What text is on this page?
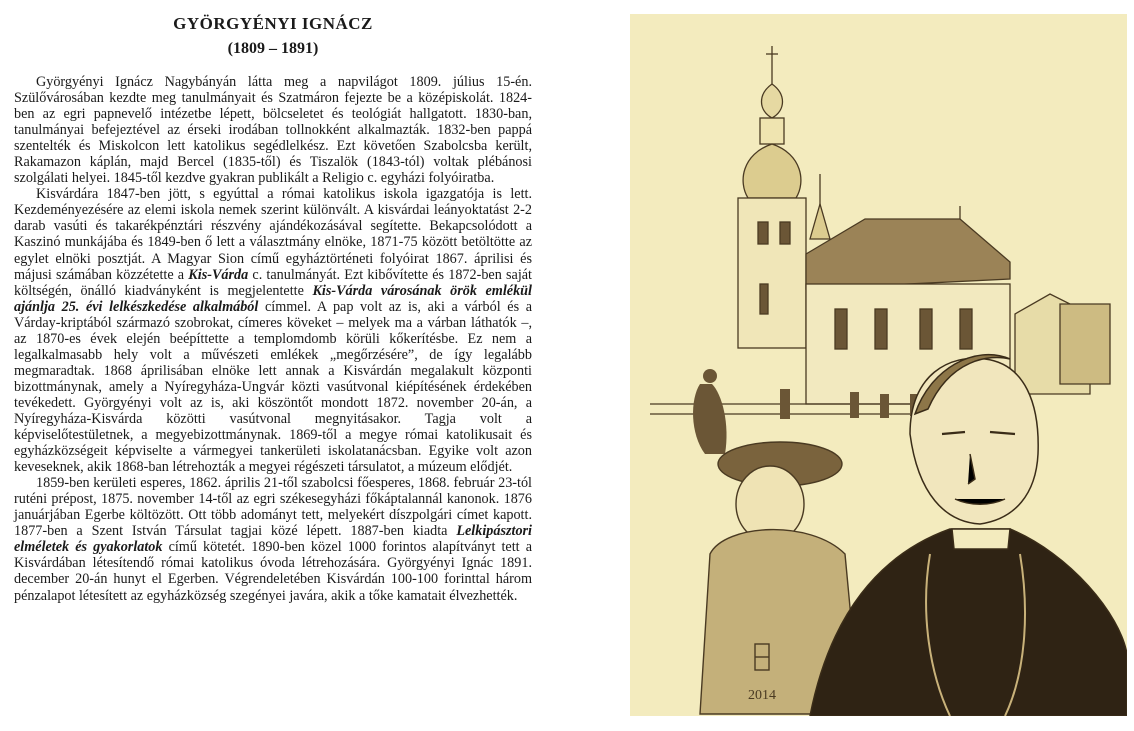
GYÖRGYÉNYI IGNÁCZ
(1809 – 1891)

Györgyényi Ignácz Nagybányán látta meg a napvilágot 1809. július 15-én. Szülővárosában kezdte meg tanulmányait és Szatmáron fejezte be a középiskolát. 1824-ben az egri papnevelő intézetbe lépett, bölcseletet és teológiát hallgatott. 1830-ban, tanulmányai befejeztével az érseki irodában tollnokként alkalmazták. 1832-ben pappá szentelték és Miskolcon lett katolikus segédlelkész. Ezt követően Szabolcsba került, Rakamazon káplán, majd Bercel (1835-től) és Tiszalök (1843-tól) voltak plébánosi szolgálati helyei. 1845-től kezdve gyakran publikált a Religio c. egyházi folyóiratba.

Kisvárdára 1847-ben jött, s egyúttal a római katolikus iskola igazgatója is lett. Kezdeményezésére az elemi iskola nemek szerint különvált. A kisvárdai leányoktatást 2-2 darab vasúti és takarékpénztári részvény ajándékozásával segítette. Bekapcsolódott a Kaszinó munkájába és 1849-ben ő lett a választmány elnöke, 1871-75 között betöltötte az egylet elnöki posztját. A Magyar Sion című egyháztörténeti folyóirat 1867. áprilisi és májusi számában közzétette a Kis-Várda c. tanulmányát. Ezt kibővítette és 1872-ben saját költségén, önálló kiadványként is megjelentette Kis-Várda városának örök emlékül ajánlja 25. évi lelkészkedése alkalmából címmel. A pap volt az is, aki a várból és a Várday-kriptából származó szobrokat, címeres köveket – melyek ma a várban láthatók –, az 1870-es évek elején beépíttette a templomdomb körüli kőkerítésbe. Ez nem a legalkalmasabb hely volt a művészeti emlékek „megőrzésére”, de így legalább megmaradtak. 1868 áprilisában elnöke lett annak a Kisvárdán megalakult központi bizottmánynak, amely a Nyíregyháza-Ungvár közti vasútvonal kiépítésének érdekében tevékedett. Györgyényi volt az is, aki köszöntőt mondott 1872. november 20-án, a Nyíregyháza-Kisvárda közötti vasútvonal megnyitásakor. Tagja volt a képviselőtestületnek, a megyebizottmánynak. 1869-től a megye római katolikusait és egyházközségeit képviselte a vármegyei tankerületi iskolatanácsban. Egyike volt azon keveseknek, akik 1868-ban létrehozták a megyei régészeti társulatot, a múzeum elődjét.

1859-ben kerületi esperes, 1862. április 21-től szabolcsi főesperes, 1868. február 23-tól ruténi prépost, 1875. november 14-től az egri székesegyházi főkáptalannál kanonok. 1876 januárjában Egerbe költözött. Ott több adományt tett, melyekért díszpolgári címet kapott. 1877-ben a Szent István Társulat tagjai közé lépett. 1887-ben kiadta Lelkipásztori elméletek és gyakorlatok című kötetét. 1890-ben közel 1000 forintos alapítványt tett a Kisvárdában létesítendő római katolikus óvoda létrehozására. Györgyényi Ignác 1891. december 20-án hunyt el Egerben. Végrendeletében Kisvárdán 100-100 forinttal három pénzalapot létesített az egyházközség szegényei javára, akik a tőke kamatait élvezhették.

2014
